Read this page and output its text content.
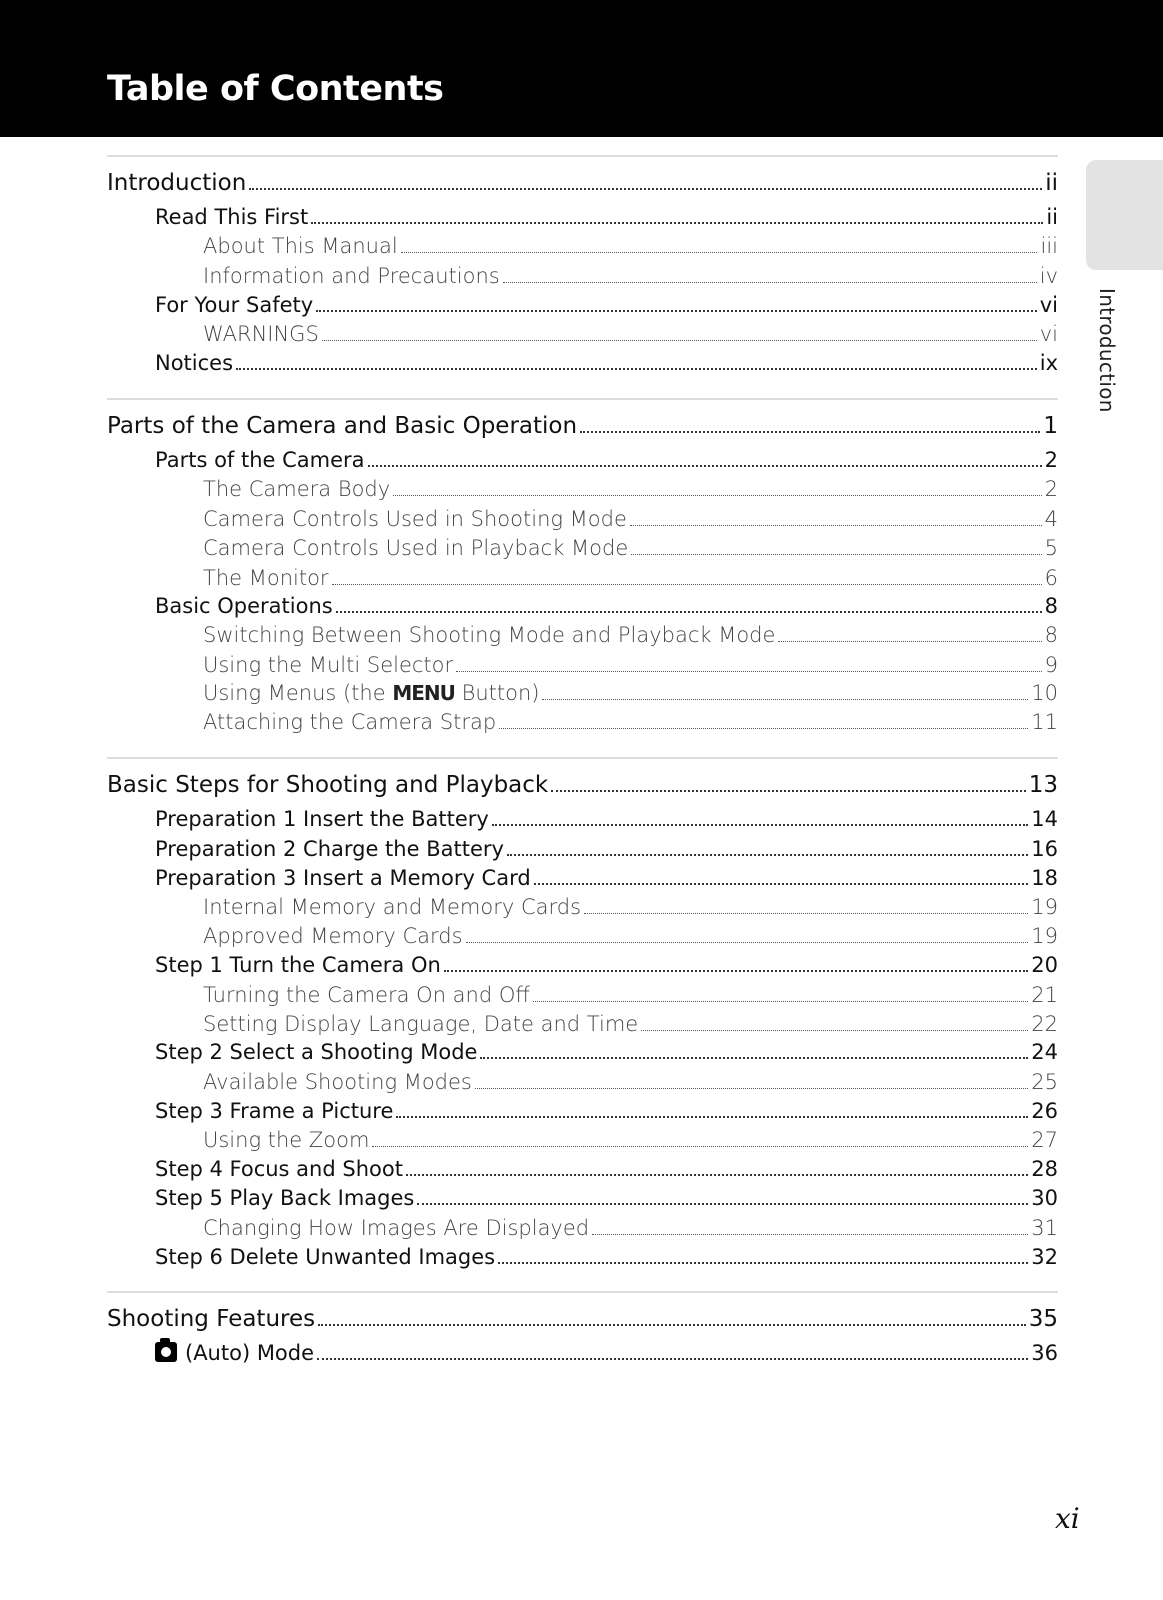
Table of Contents
Introduction
Introduction	ii
Read This First	ii
About This Manual	iii
Information and Precautions	iv
For Your Safety	vi
WARNINGS	vi
Notices	ix
Parts of the Camera and Basic Operation	1
Parts of the Camera	2
The Camera Body	2
Camera Controls Used in Shooting Mode	4
Camera Controls Used in Playback Mode	5
The Monitor	6
Basic Operations	8
Switching Between Shooting Mode and Playback Mode	8
Using the Multi Selector	9
Using Menus (the MENU Button)	10
Attaching the Camera Strap	11
Basic Steps for Shooting and Playback	13
Preparation 1 Insert the Battery	14
Preparation 2 Charge the Battery	16
Preparation 3 Insert a Memory Card	18
Internal Memory and Memory Cards	19
Approved Memory Cards	19
Step 1 Turn the Camera On	20
Turning the Camera On and Off	21
Setting Display Language, Date and Time	22
Step 2 Select a Shooting Mode	24
Available Shooting Modes	25
Step 3 Frame a Picture	26
Using the Zoom	27
Step 4 Focus and Shoot	28
Step 5 Play Back Images	30
Changing How Images Are Displayed	31
Step 6 Delete Unwanted Images	32
Shooting Features	35
(Auto) Mode	36
xi
